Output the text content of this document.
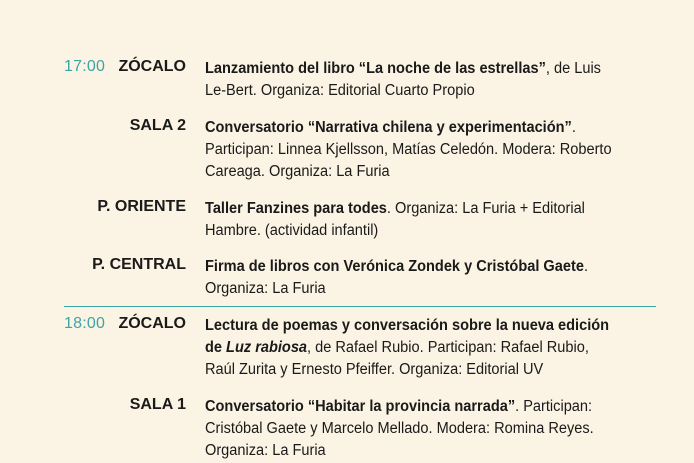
17:00 ZÓCALO Lanzamiento del libro “La noche de las estrellas”, de Luis Le-Bert. Organiza: Editorial Cuarto Propio
SALA 2 Conversatorio “Narrativa chilena y experimentación”. Participan: Linnea Kjellsson, Matías Celedón. Modera: Roberto Careaga. Organiza: La Furia
P. ORIENTE Taller Fanzines para todes. Organiza: La Furia + Editorial Hambre. (actividad infantil)
P. CENTRAL Firma de libros con Verónica Zondek y Cristóbal Gaete. Organiza: La Furia
18:00 ZÓCALO Lectura de poemas y conversación sobre la nueva edición de Luz rabiosa, de Rafael Rubio. Participan: Rafael Rubio, Raúl Zurita y Ernesto Pfeiffer. Organiza: Editorial UV
SALA 1 Conversatorio “Habitar la provincia narrada”. Participan: Cristóbal Gaete y Marcelo Mellado. Modera: Romina Reyes. Organiza: La Furia
